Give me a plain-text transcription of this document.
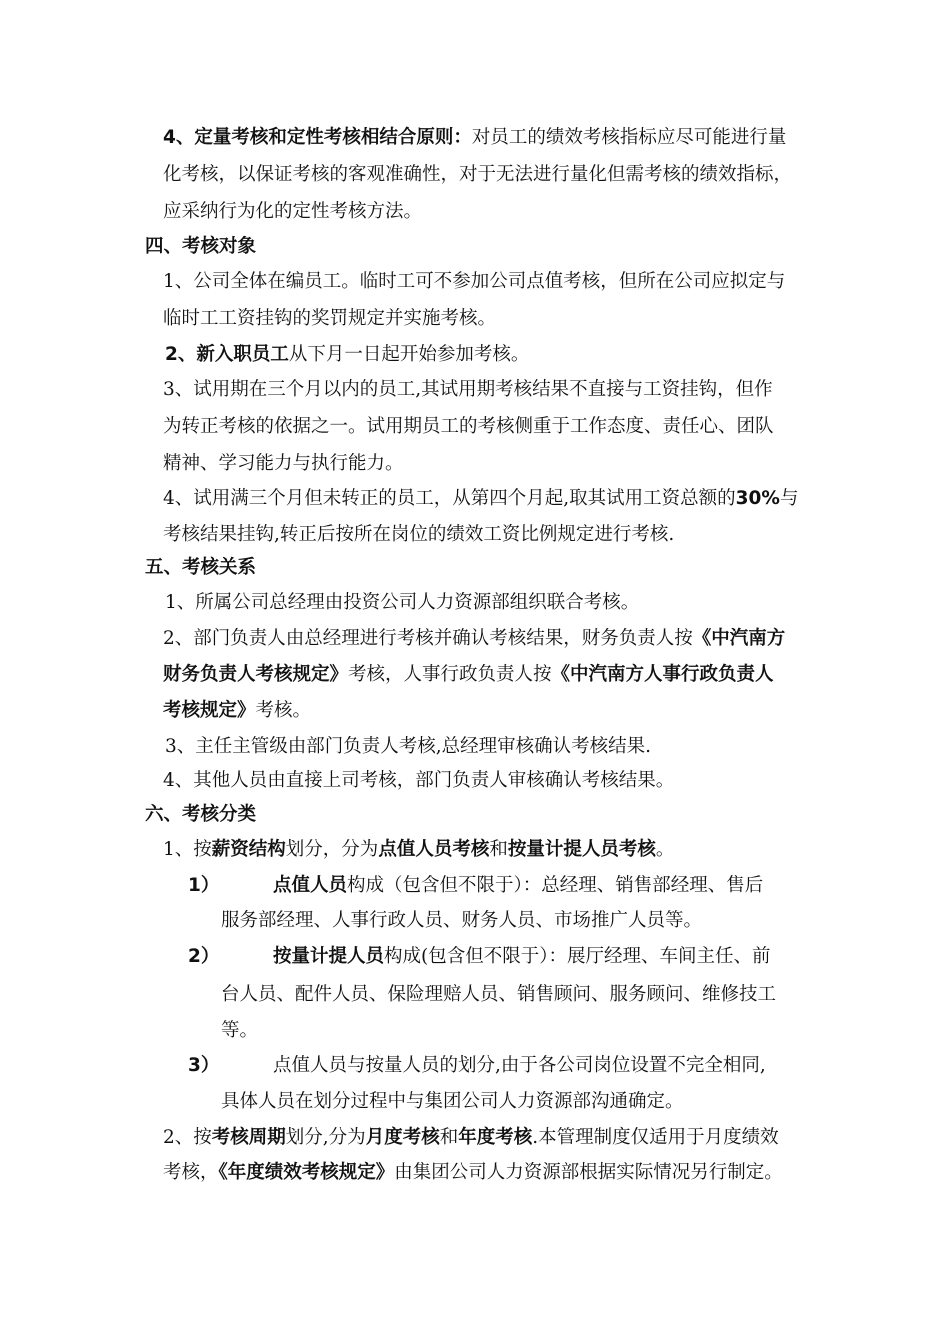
4、定量考核和定性考核相结合原则：对员工的绩效考核指标应尽可能进行量
化考核，以保证考核的客观准确性，对于无法进行量化但需考核的绩效指标，
应采纳行为化的定性考核方法。
四、考核对象
1、公司全体在编员工。临时工可不参加公司点值考核，但所在公司应拟定与
临时工工资挂钩的奖罚规定并实施考核。
2、新入职员工从下月一日起开始参加考核。
3、试用期在三个月以内的员工,其试用期考核结果不直接与工资挂钩，但作
为转正考核的依据之一。试用期员工的考核侧重于工作态度、责任心、团队
精神、学习能力与执行能力。
4、试用满三个月但未转正的员工，从第四个月起,取其试用工资总额的30%与
考核结果挂钩,转正后按所在岗位的绩效工资比例规定进行考核.
五、考核关系
1、所属公司总经理由投资公司人力资源部组织联合考核。
2、部门负责人由总经理进行考核并确认考核结果，财务负责人按《中汽南方
财务负责人考核规定》考核，人事行政负责人按《中汽南方人事行政负责人
考核规定》考核。
3、主任主管级由部门负责人考核,总经理审核确认考核结果.
4、其他人员由直接上司考核，部门负责人审核确认考核结果。
六、考核分类
1、按薪资结构划分，分为点值人员考核和按量计提人员考核。
1）	点值人员构成（包含但不限于）：总经理、销售部经理、售后
服务部经理、人事行政人员、财务人员、市场推广人员等。
2）	按量计提人员构成(包含但不限于）：展厅经理、车间主任、前
台人员、配件人员、保险理赔人员、销售顾问、服务顾问、维修技工
等。
3）	点值人员与按量人员的划分,由于各公司岗位设置不完全相同,
具体人员在划分过程中与集团公司人力资源部沟通确定。
2、按考核周期划分,分为月度考核和年度考核.本管理制度仅适用于月度绩效
考核，《年度绩效考核规定》由集团公司人力资源部根据实际情况另行制定。
